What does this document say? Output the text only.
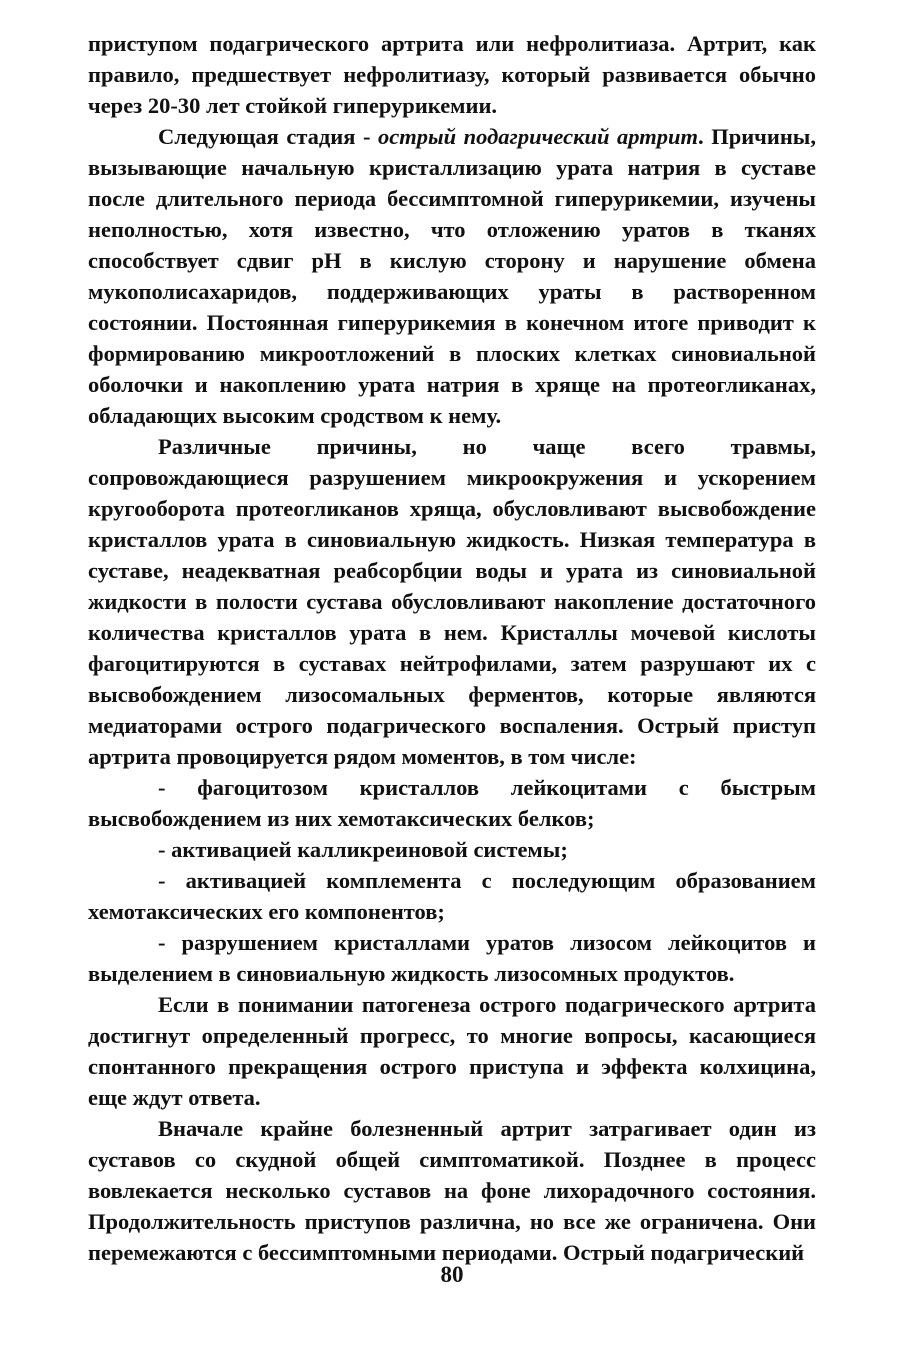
приступом подагрического артрита или нефролитиаза. Артрит, как правило, предшествует нефролитиазу, который развивается обычно через 20-30 лет стойкой гиперурикемии.

Следующая стадия - острый подагрический артрит. Причины, вызывающие начальную кристаллизацию урата натрия в суставе после длительного периода бессимптомной гиперурикемии, изучены неполностью, хотя известно, что отложению уратов в тканях способствует сдвиг рН в кислую сторону и нарушение обмена мукополисахаридов, поддерживающих ураты в растворенном состоянии. Постоянная гиперурикемия в конечном итоге приводит к формированию микроотложений в плоских клетках синовиальной оболочки и накоплению урата натрия в хряще на протеогликанах, обладающих высоким сродством к нему.

Различные причины, но чаще всего травмы, сопровождающиеся разрушением микроокружения и ускорением кругооборота протеогликанов хряща, обусловливают высвобождение кристаллов урата в синовиальную жидкость. Низкая температура в суставе, неадекватная реабсорбции воды и урата из синовиальной жидкости в полости сустава обусловливают накопление достаточного количества кристаллов урата в нем. Кристаллы мочевой кислоты фагоцитируются в суставах нейтрофилами, затем разрушают их с высвобождением лизосомальных ферментов, которые являются медиаторами острого подагрического воспаления. Острый приступ артрита провоцируется рядом моментов, в том числе:

- фагоцитозом кристаллов лейкоцитами с быстрым высвобождением из них хемотаксических белков;

- активацией калликреиновой системы;

- активацией комплемента с последующим образованием хемотаксических его компонентов;

- разрушением кристаллами уратов лизосом лейкоцитов и выделением в синовиальную жидкость лизосомных продуктов.

Если в понимании патогенеза острого подагрического артрита достигнут определенный прогресс, то многие вопросы, касающиеся спонтанного прекращения острого приступа и эффекта колхицина, еще ждут ответа.

Вначале крайне болезненный артрит затрагивает один из суставов со скудной общей симптоматикой. Позднее в процесс вовлекается несколько суставов на фоне лихорадочного состояния. Продолжительность приступов различна, но все же ограничена. Они перемежаются с бессимптомными периодами. Острый подагрический

80
